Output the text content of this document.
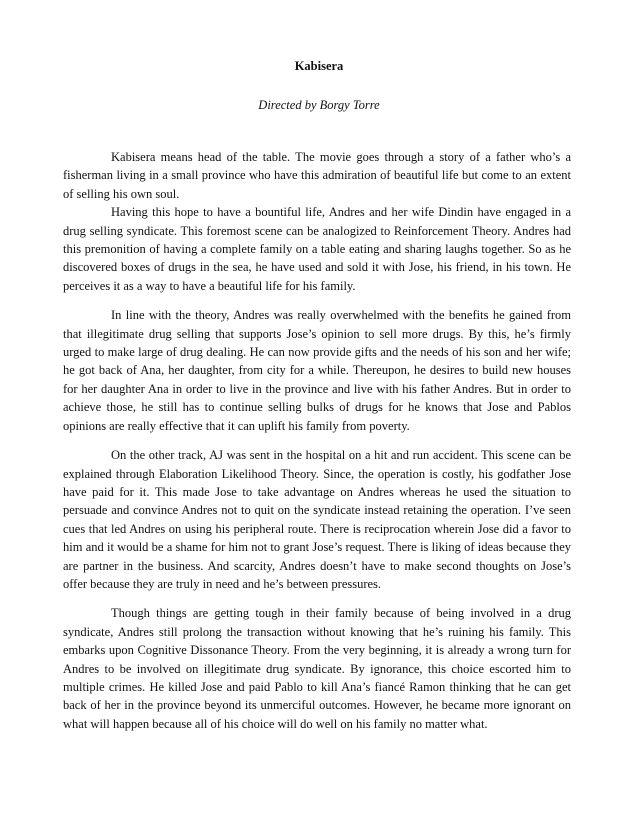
Kabisera

Directed by Borgy Torre

Kabisera means head of the table. The movie goes through a story of a father who’s a fisherman living in a small province who have this admiration of beautiful life but come to an extent of selling his own soul.

Having this hope to have a bountiful life, Andres and her wife Dindin have engaged in a drug selling syndicate. This foremost scene can be analogized to Reinforcement Theory. Andres had this premonition of having a complete family on a table eating and sharing laughs together. So as he discovered boxes of drugs in the sea, he have used and sold it with Jose, his friend, in his town. He perceives it as a way to have a beautiful life for his family.

In line with the theory, Andres was really overwhelmed with the benefits he gained from that illegitimate drug selling that supports Jose’s opinion to sell more drugs. By this, he’s firmly urged to make large of drug dealing. He can now provide gifts and the needs of his son and her wife; he got back of Ana, her daughter, from city for a while. Thereupon, he desires to build new houses for her daughter Ana in order to live in the province and live with his father Andres. But in order to achieve those, he still has to continue selling bulks of drugs for he knows that Jose and Pablos opinions are really effective that it can uplift his family from poverty.

On the other track, AJ was sent in the hospital on a hit and run accident. This scene can be explained through Elaboration Likelihood Theory. Since, the operation is costly, his godfather Jose have paid for it. This made Jose to take advantage on Andres whereas he used the situation to persuade and convince Andres not to quit on the syndicate instead retaining the operation. I’ve seen cues that led Andres on using his peripheral route. There is reciprocation wherein Jose did a favor to him and it would be a shame for him not to grant Jose’s request. There is liking of ideas because they are partner in the business. And scarcity, Andres doesn’t have to make second thoughts on Jose’s offer because they are truly in need and he’s between pressures.

Though things are getting tough in their family because of being involved in a drug syndicate, Andres still prolong the transaction without knowing that he’s ruining his family. This embarks upon Cognitive Dissonance Theory. From the very beginning, it is already a wrong turn for Andres to be involved on illegitimate drug syndicate. By ignorance, this choice escorted him to multiple crimes. He killed Jose and paid Pablo to kill Ana’s fiancé Ramon thinking that he can get back of her in the province beyond its unmerciful outcomes. However, he became more ignorant on what will happen because all of his choice will do well on his family no matter what.
